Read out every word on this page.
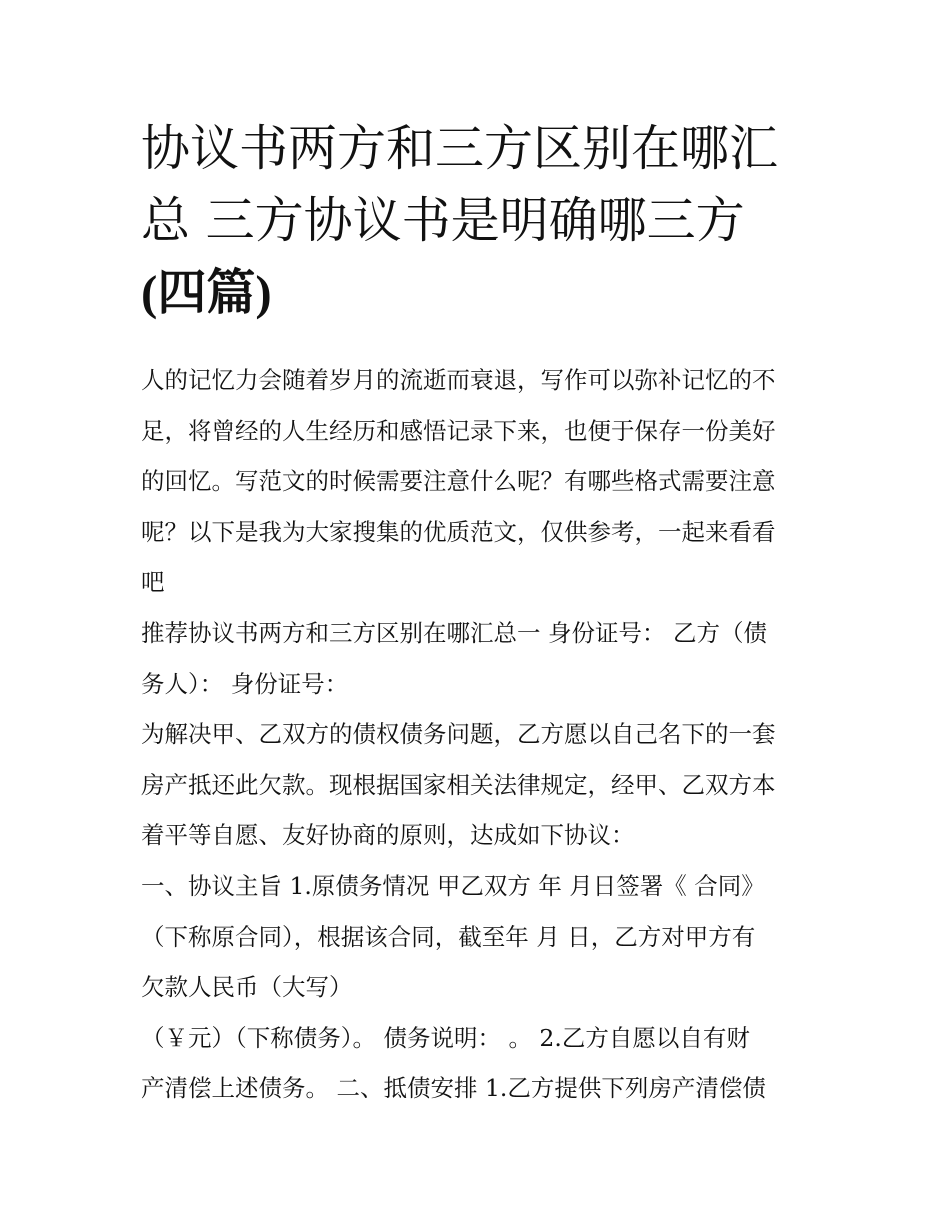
协议书两方和三方区别在哪汇
总 三方协议书是明确哪三方
(四篇)
人的记忆力会随着岁月的流逝而衰退，写作可以弥补记忆的不
足，将曾经的人生经历和感悟记录下来，也便于保存一份美好
的回忆。写范文的时候需要注意什么呢？有哪些格式需要注意
呢？以下是我为大家搜集的优质范文，仅供参考，一起来看看
吧
推荐协议书两方和三方区别在哪汇总一 身份证号： 乙方（债
务人）： 身份证号：
为解决甲、乙双方的债权债务问题，乙方愿以自己名下的一套
房产抵还此欠款。现根据国家相关法律规定，经甲、乙双方本
着平等自愿、友好协商的原则，达成如下协议：
一、协议主旨 1.原债务情况 甲乙双方 年 月日签署《 合同》
（下称原合同），根据该合同，截至年 月 日，乙方对甲方有
欠款人民币（大写）
（￥元）（下称债务）。 债务说明： 。 2.乙方自愿以自有财
产清偿上述债务。 二、抵债安排 1.乙方提供下列房产清偿债
